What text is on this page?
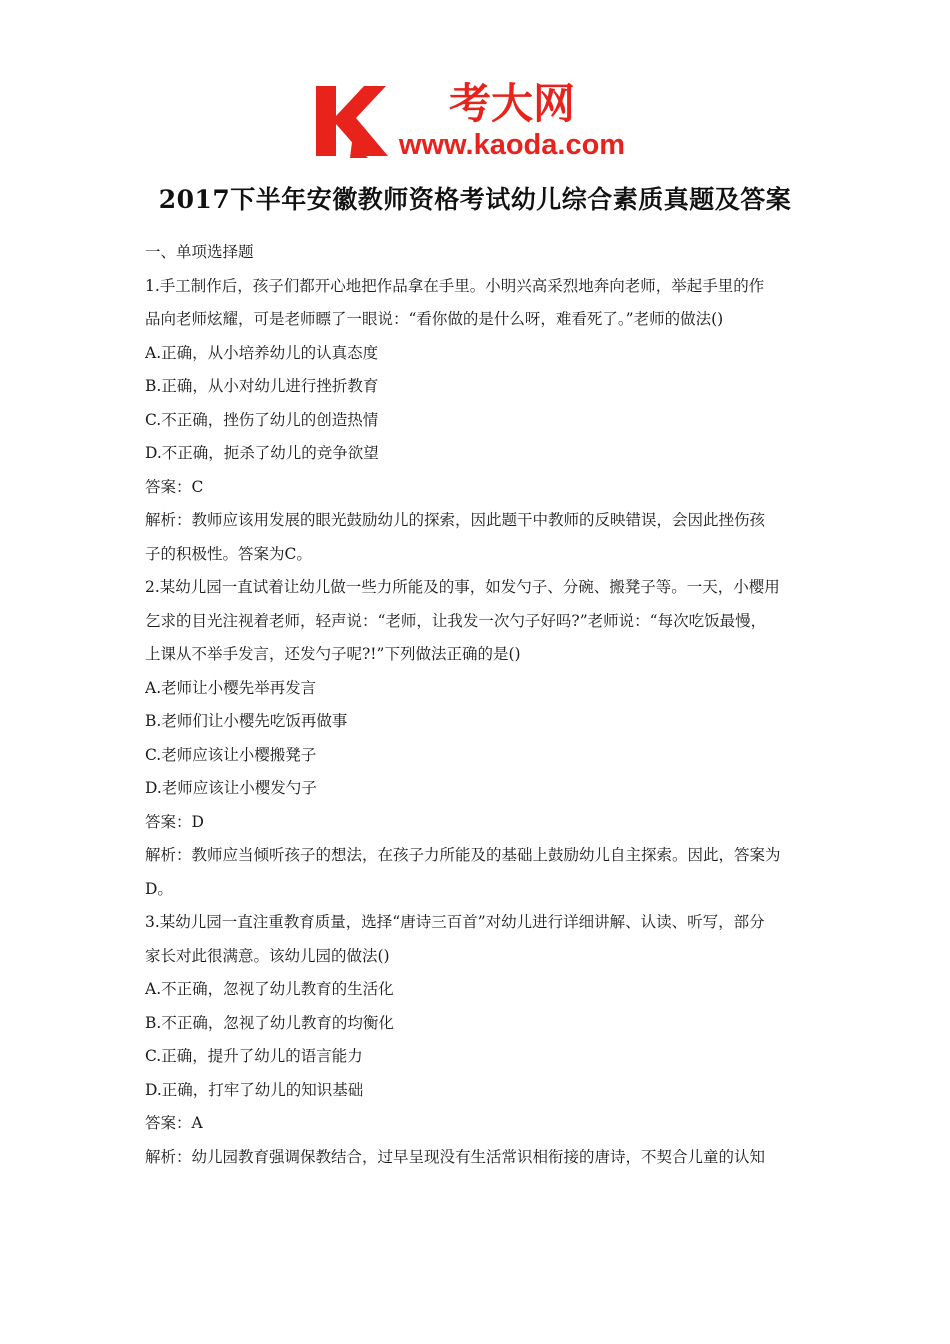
考大网
www.kaoda.com
2017下半年安徽教师资格考试幼儿综合素质真题及答案
一、单项选择题
1.手工制作后，孩子们都开心地把作品拿在手里。小明兴高采烈地奔向老师，举起手里的作
品向老师炫耀，可是老师瞟了一眼说：“看你做的是什么呀，难看死了。”老师的做法()
A.正确，从小培养幼儿的认真态度
B.正确，从小对幼儿进行挫折教育
C.不正确，挫伤了幼儿的创造热情
D.不正确，扼杀了幼儿的竞争欲望
答案：C
解析：教师应该用发展的眼光鼓励幼儿的探索，因此题干中教师的反映错误，会因此挫伤孩
子的积极性。答案为C。
2.某幼儿园一直试着让幼儿做一些力所能及的事，如发勺子、分碗、搬凳子等。一天，小樱用
乞求的目光注视着老师，轻声说：“老师，让我发一次勺子好吗?”老师说：“每次吃饭最慢，
上课从不举手发言，还发勺子呢?!”下列做法正确的是()
A.老师让小樱先举再发言
B.老师们让小樱先吃饭再做事
C.老师应该让小樱搬凳子
D.老师应该让小樱发勺子
答案：D
解析：教师应当倾听孩子的想法，在孩子力所能及的基础上鼓励幼儿自主探索。因此，答案为
D。
3.某幼儿园一直注重教育质量，选择“唐诗三百首”对幼儿进行详细讲解、认读、听写，部分
家长对此很满意。该幼儿园的做法()
A.不正确，忽视了幼儿教育的生活化
B.不正确，忽视了幼儿教育的均衡化
C.正确，提升了幼儿的语言能力
D.正确，打牢了幼儿的知识基础
答案：A
解析：幼儿园教育强调保教结合，过早呈现没有生活常识相衔接的唐诗，不契合儿童的认知
